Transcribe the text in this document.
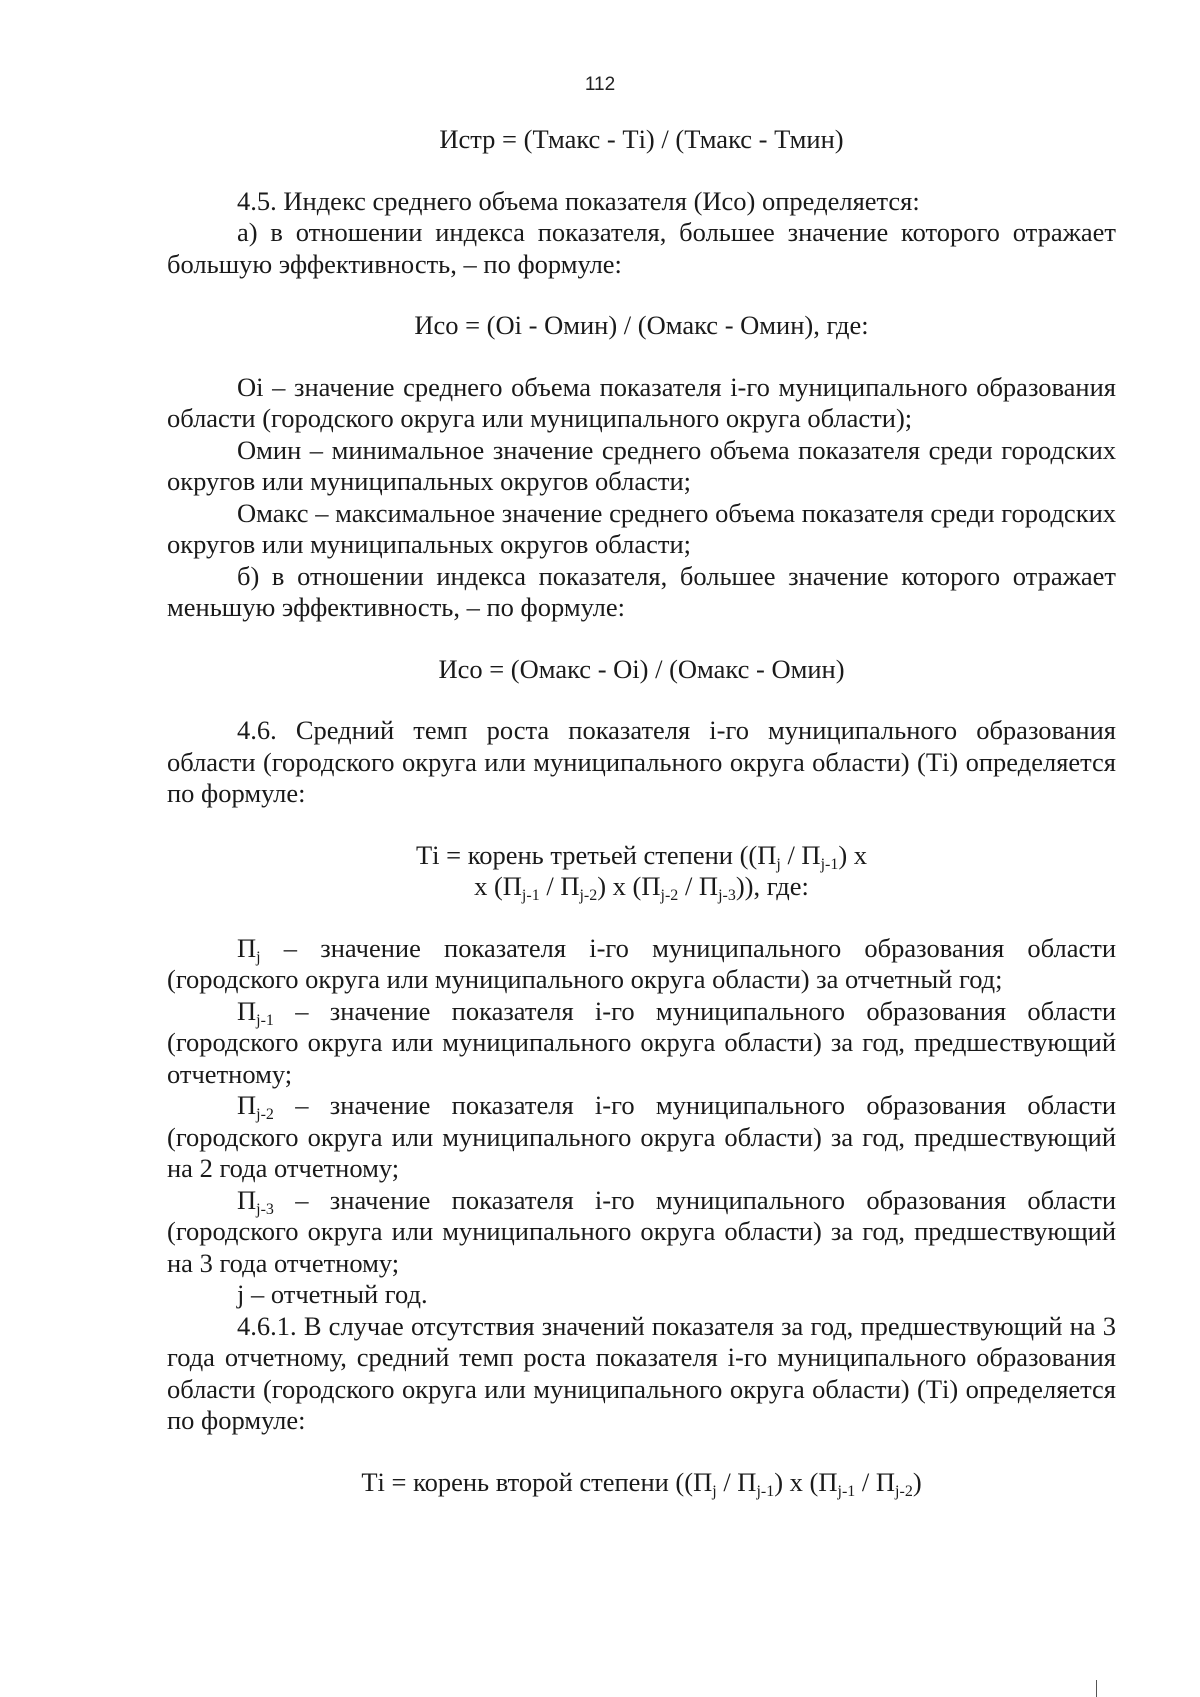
112

Истр = (Тмакс - Тi) / (Тмакс - Тмин)

4.5. Индекс среднего объема показателя (Исо) определяется:

а) в отношении индекса показателя, большее значение которого отражает большую эффективность, – по формуле:

Исо = (Оi - Омин) / (Омакс - Омин), где:

Оi – значение среднего объема показателя i-го муниципального образования области (городского округа или муниципального округа области);

Омин – минимальное значение среднего объема показателя среди городских округов или муниципальных округов области;

Омакс – максимальное значение среднего объема показателя среди городских округов или муниципальных округов области;

б) в отношении индекса показателя, большее значение которого отражает меньшую эффективность, – по формуле:

Исо = (Омакс - Оi) / (Омакс - Омин)

4.6. Средний темп роста показателя i-го муниципального образования области (городского округа или муниципального округа области) (Тi) определяется по формуле:

Тi = корень третьей степени ($(П_j / П_{j-1})$ x

x $(П_{j-1} / П_{j-2})$ x $(П_{j-2} / П_{j-3})$), где:

$П_j$ – значение показателя i-го муниципального образования области (городского округа или муниципального округа области) за отчетный год;

$П_{j-1}$ – значение показателя i-го муниципального образования области (городского округа или муниципального округа области) за год, предшествующий отчетному;

$П_{j-2}$ – значение показателя i-го муниципального образования области (городского округа или муниципального округа области) за год, предшествующий на 2 года отчетному;

$П_{j-3}$ – значение показателя i-го муниципального образования области (городского округа или муниципального округа области) за год, предшествующий на 3 года отчетному;

j – отчетный год.

4.6.1. В случае отсутствия значений показателя за год, предшествующий на 3 года отчетному, средний темп роста показателя i-го муниципального образования области (городского округа или муниципального округа области) (Тi) определяется по формуле:

Тi = корень второй степени ($(П_j / П_{j-1})$ x $(П_{j-1} / П_{j-2})$
